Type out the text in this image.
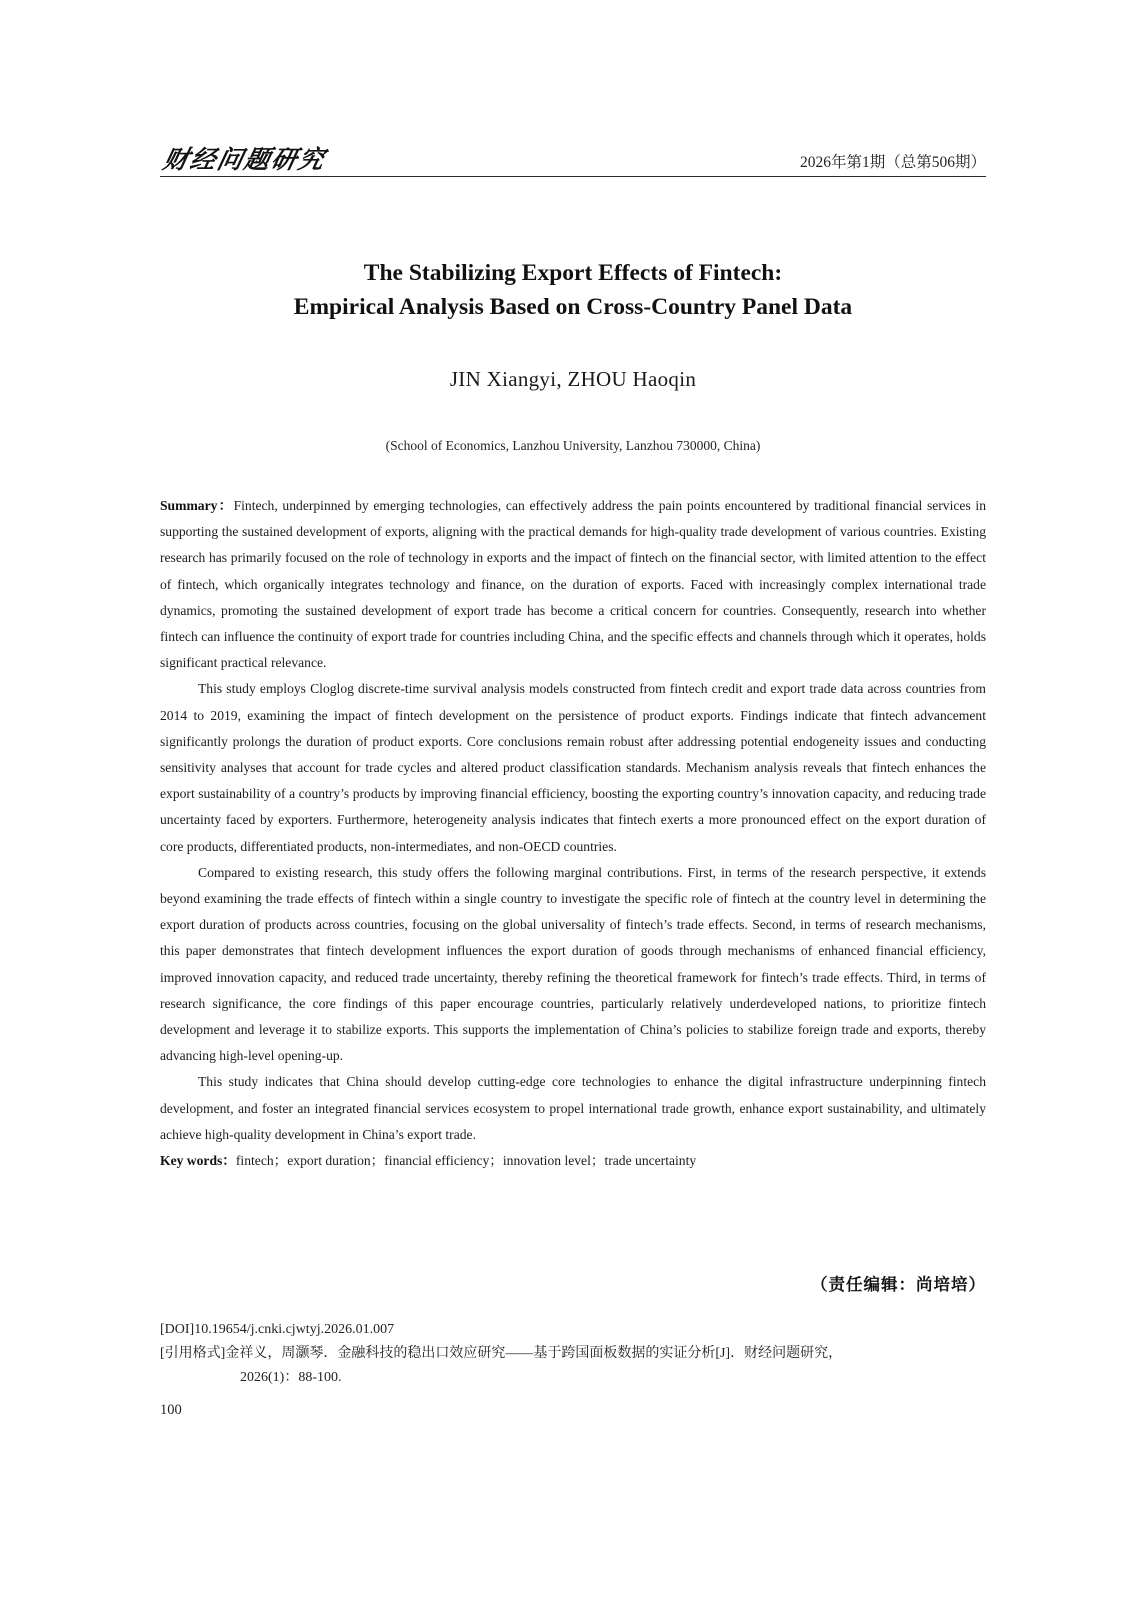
财经问题研究	2026年第1期（总第506期）
The Stabilizing Export Effects of Fintech:
Empirical Analysis Based on Cross-Country Panel Data
JIN Xiangyi, ZHOU Haoqin
(School of Economics, Lanzhou University, Lanzhou 730000, China)

Summary：Fintech, underpinned by emerging technologies, can effectively address the pain points encountered by traditional financial services in supporting the sustained development of exports, aligning with the practical demands for high-quality trade development of various countries. Existing research has primarily focused on the role of technology in exports and the impact of fintech on the financial sector, with limited attention to the effect of fintech, which organically integrates technology and finance, on the duration of exports. Faced with increasingly complex international trade dynamics, promoting the sustained development of export trade has become a critical concern for countries. Consequently, research into whether fintech can influence the continuity of export trade for countries including China, and the specific effects and channels through which it operates, holds significant practical relevance.

This study employs Cloglog discrete-time survival analysis models constructed from fintech credit and export trade data across countries from 2014 to 2019, examining the impact of fintech development on the persistence of product exports. Findings indicate that fintech advancement significantly prolongs the duration of product exports. Core conclusions remain robust after addressing potential endogeneity issues and conducting sensitivity analyses that account for trade cycles and altered product classification standards. Mechanism analysis reveals that fintech enhances the export sustainability of a country’s products by improving financial efficiency, boosting the exporting country’s innovation capacity, and reducing trade uncertainty faced by exporters. Furthermore, heterogeneity analysis indicates that fintech exerts a more pronounced effect on the export duration of core products, differentiated products, non-intermediates, and non-OECD countries.

Compared to existing research, this study offers the following marginal contributions. First, in terms of the research perspective, it extends beyond examining the trade effects of fintech within a single country to investigate the specific role of fintech at the country level in determining the export duration of products across countries, focusing on the global universality of fintech’s trade effects. Second, in terms of research mechanisms, this paper demonstrates that fintech development influences the export duration of goods through mechanisms of enhanced financial efficiency, improved innovation capacity, and reduced trade uncertainty, thereby refining the theoretical framework for fintech’s trade effects. Third, in terms of research significance, the core findings of this paper encourage countries, particularly relatively underdeveloped nations, to prioritize fintech development and leverage it to stabilize exports. This supports the implementation of China’s policies to stabilize foreign trade and exports, thereby advancing high-level opening-up.

This study indicates that China should develop cutting-edge core technologies to enhance the digital infrastructure underpinning fintech development, and foster an integrated financial services ecosystem to propel international trade growth, enhance export sustainability, and ultimately achieve high-quality development in China’s export trade.

Key words：fintech；export duration；financial efficiency；innovation level；trade uncertainty

（责任编辑：尚培培）
[DOI]10.19654/j.cnki.cjwtyj.2026.01.007
[引用格式]金祥义，周灏琴．金融科技的稳出口效应研究——基于跨国面板数据的实证分析[J]．财经问题研究，
2026(1)：88-100.
100
